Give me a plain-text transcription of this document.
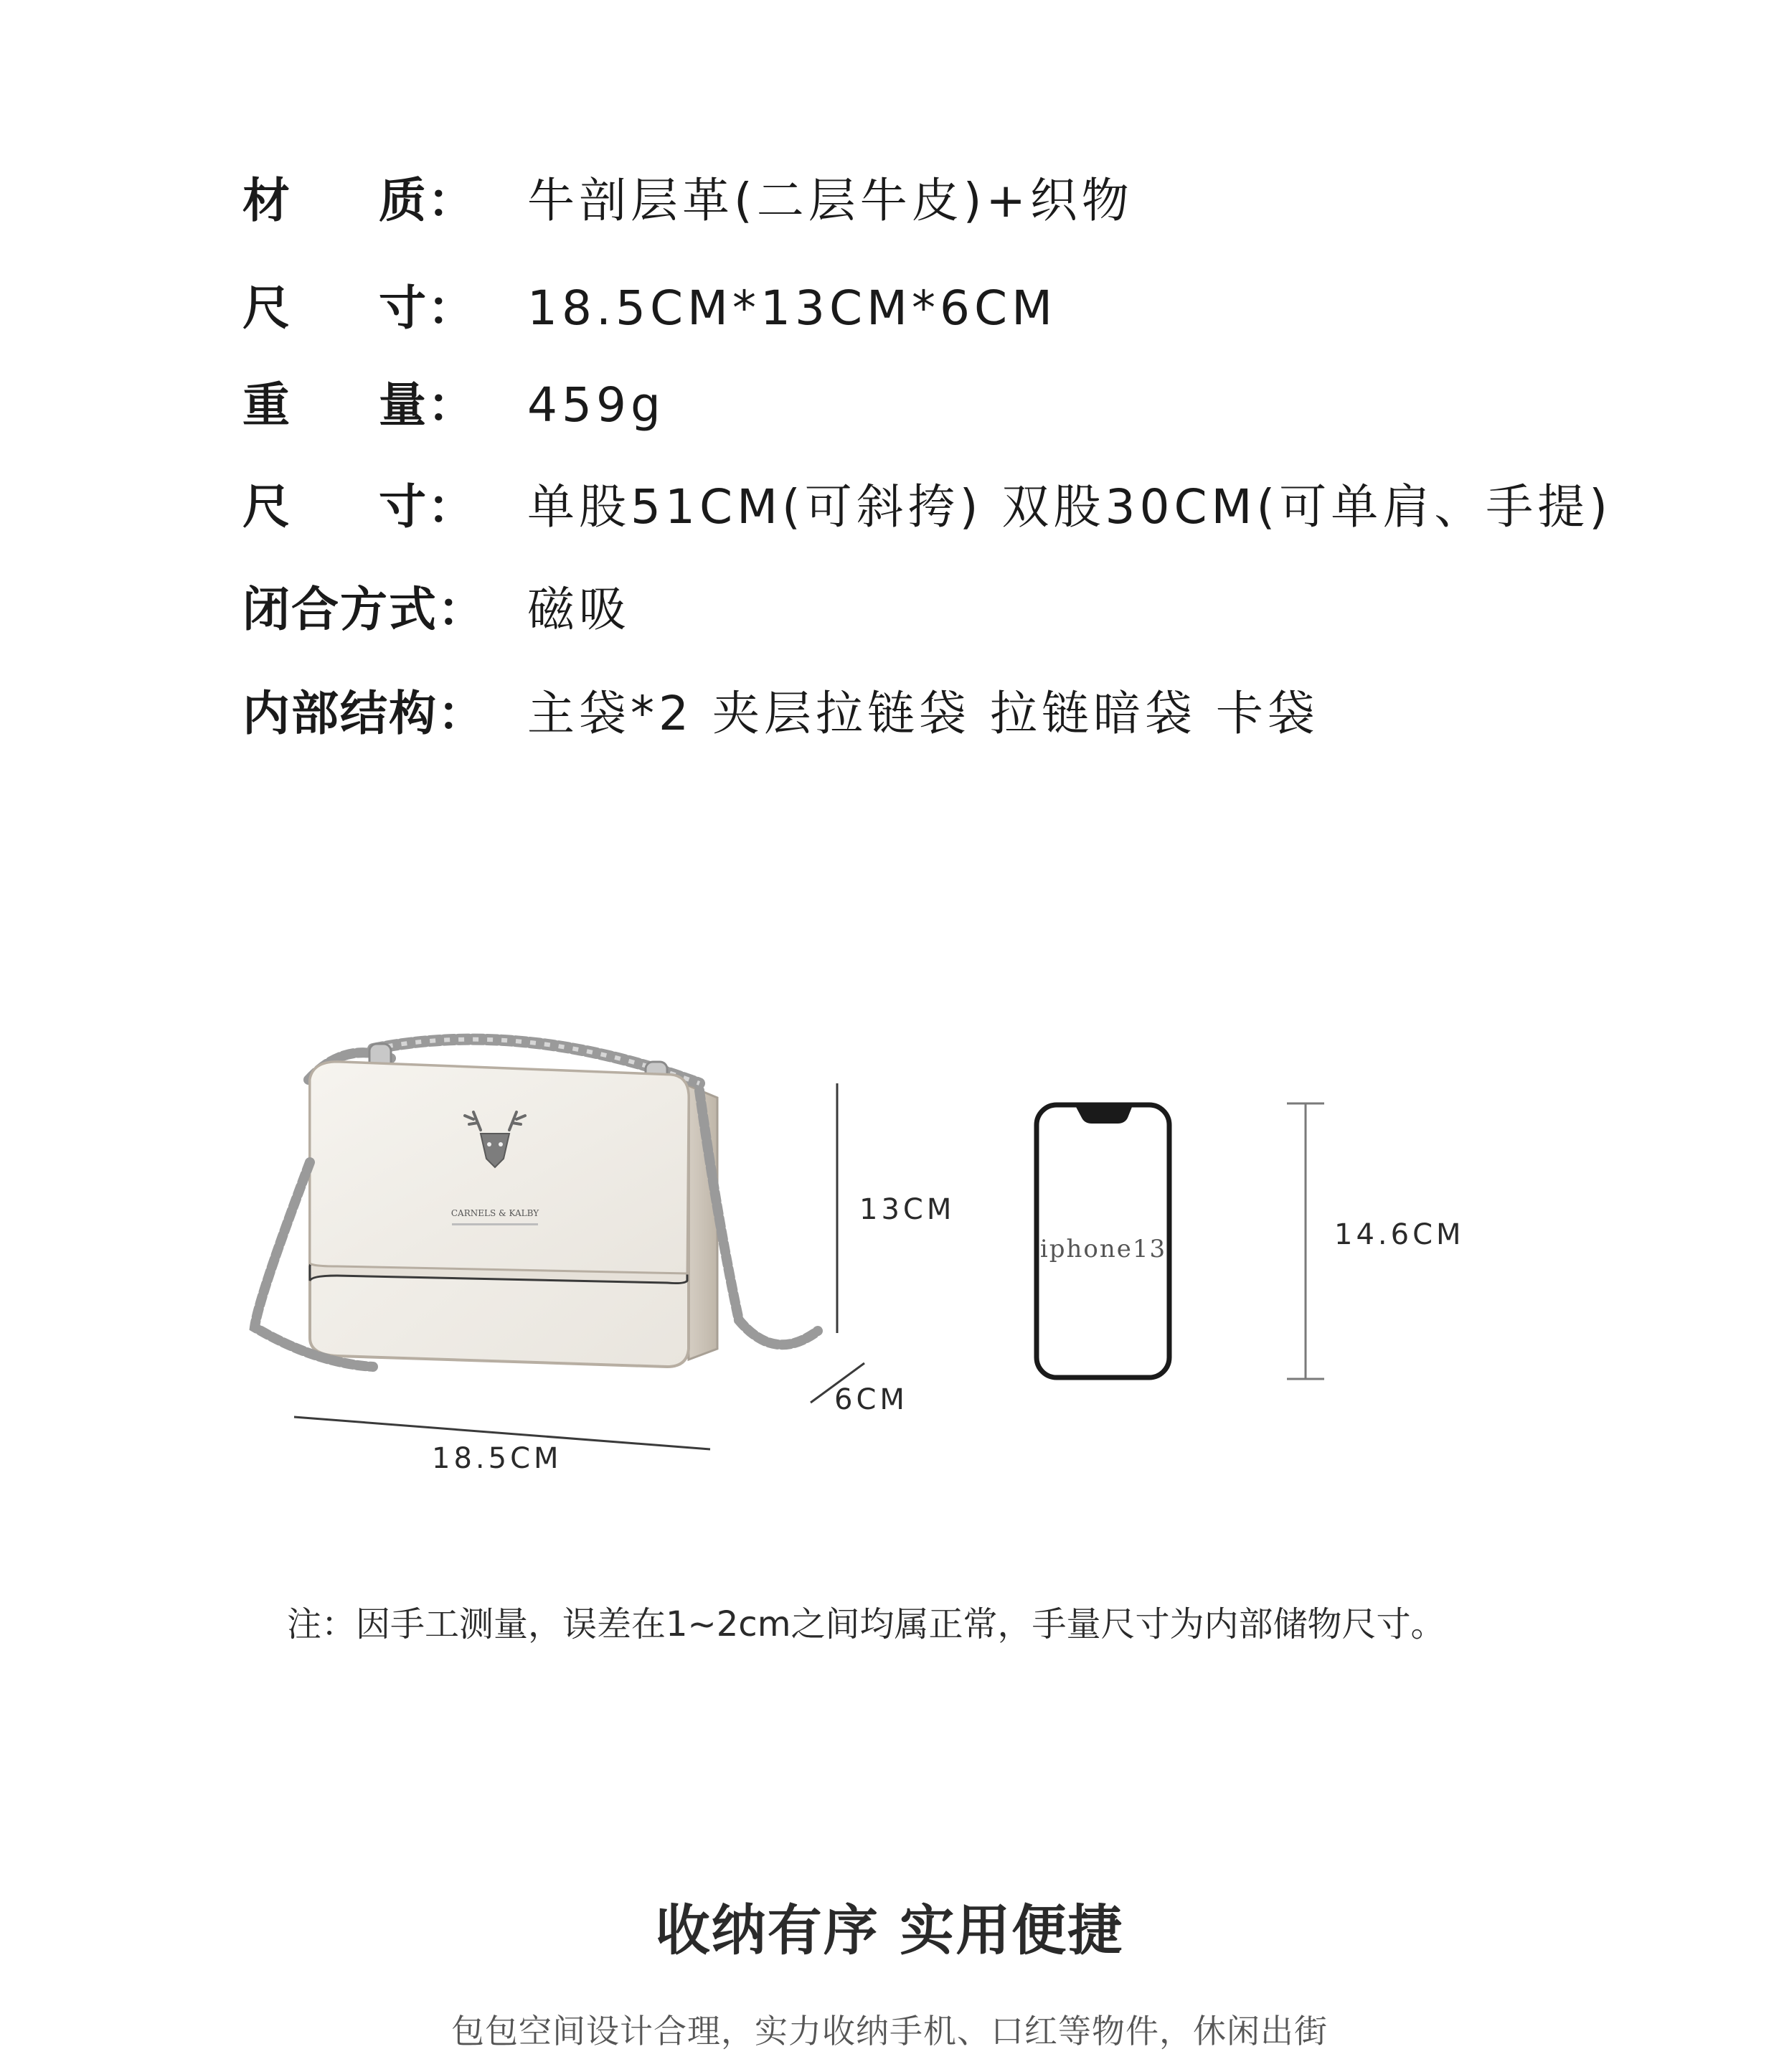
材 质： 牛剖层革(二层牛皮)+织物
尺 寸： 18.5CM*13CM*6CM
重 量： 459g
尺 寸： 单股51CM(可斜挎) 双股30CM(可单肩、手提)
闭合方式： 磁吸
内部结构： 主袋*2 夹层拉链袋 拉链暗袋 卡袋
CARNELS & KALBY
iphone13
13CM
6CM
18.5CM
14.6CM
注：因手工测量，误差在1~2cm之间均属正常，手量尺寸为内部储物尺寸。
收纳有序 实用便捷
包包空间设计合理，实力收纳手机、口红等物件，休闲出街
